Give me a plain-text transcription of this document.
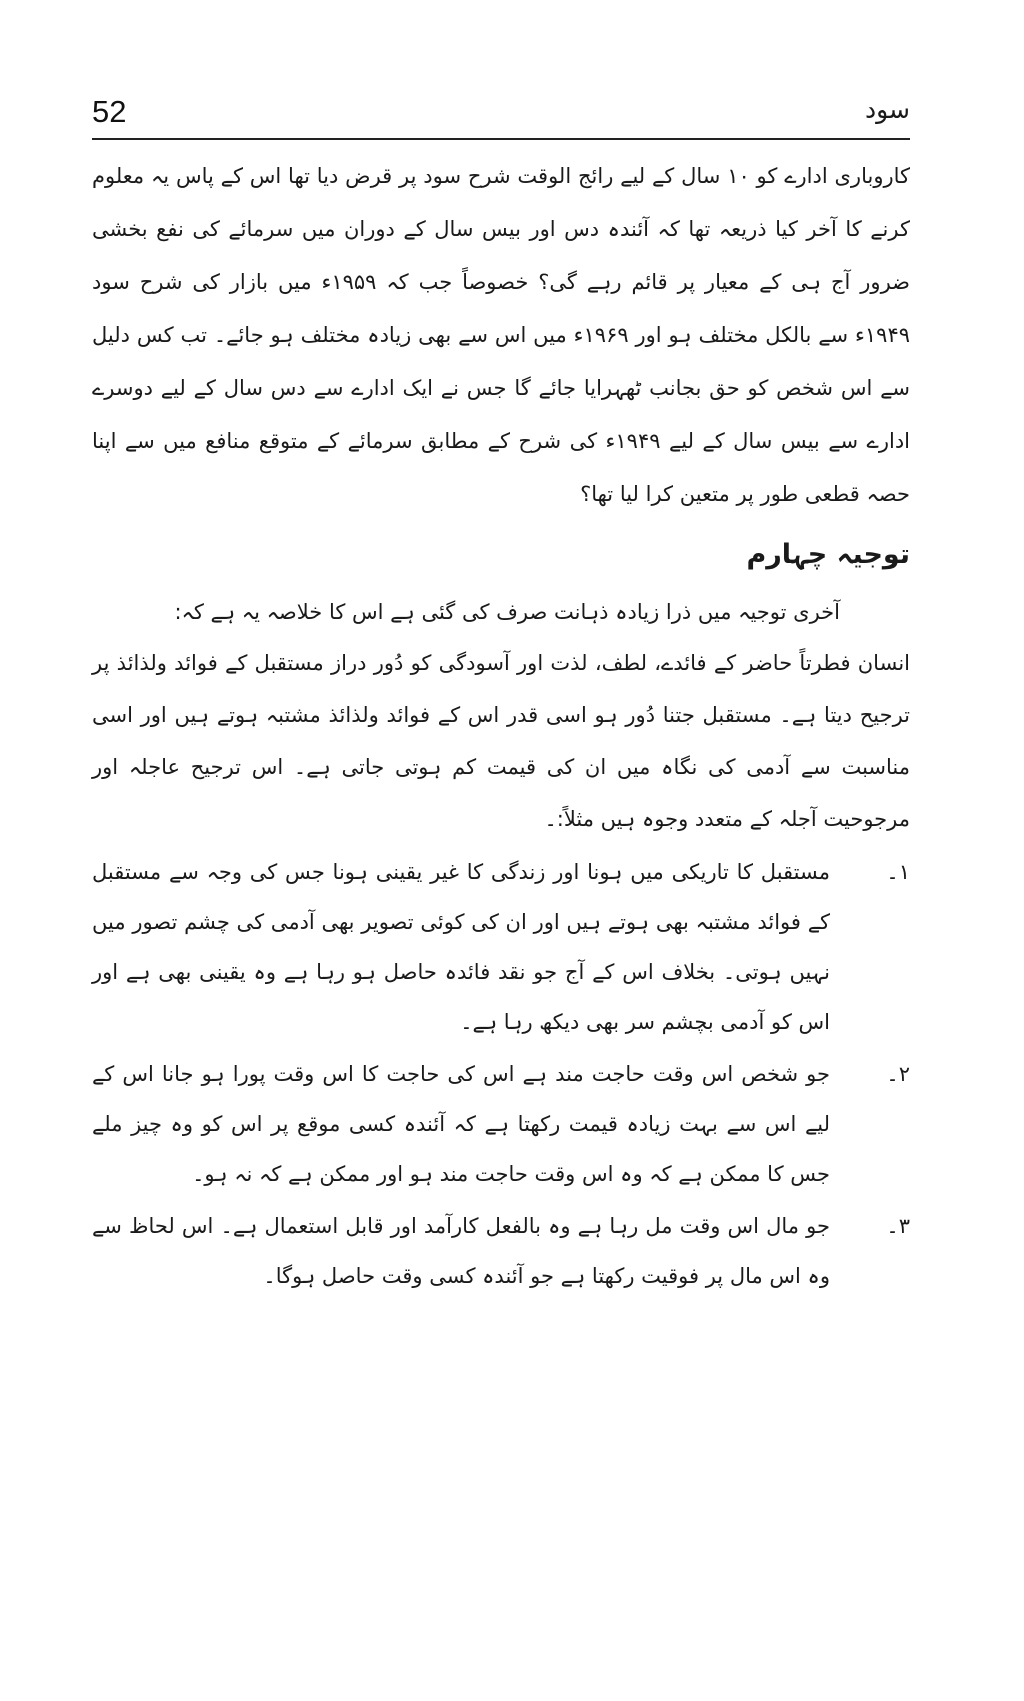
52	سود

کاروباری ادارے کو ۱۰ سال کے لیے رائج الوقت شرح سود پر قرض دیا تھا اس کے پاس یہ معلوم کرنے کا آخر کیا ذریعہ تھا کہ آئندہ دس اور بیس سال کے دوران میں سرمائے کی نفع بخشی ضرور آج ہی کے معیار پر قائم رہے گی؟ خصوصاً جب کہ ۱۹۵۹ء میں بازار کی شرح سود ۱۹۴۹ء سے بالکل مختلف ہو اور ۱۹۶۹ء میں اس سے بھی زیادہ مختلف ہو جائے۔ تب کس دلیل سے اس شخص کو حق بجانب ٹھہرایا جائے گا جس نے ایک ادارے سے دس سال کے لیے دوسرے ادارے سے بیس سال کے لیے ۱۹۴۹ء کی شرح کے مطابق سرمائے کے متوقع منافع میں سے اپنا حصہ قطعی طور پر متعین کرا لیا تھا؟

توجیہ چہارم

آخری توجیہ میں ذرا زیادہ ذہانت صرف کی گئی ہے اس کا خلاصہ یہ ہے کہ:

انسان فطرتاً حاضر کے فائدے، لطف، لذت اور آسودگی کو دُور دراز مستقبل کے فوائد ولذائذ پر ترجیح دیتا ہے۔ مستقبل جتنا دُور ہو اسی قدر اس کے فوائد ولذائذ مشتبہ ہوتے ہیں اور اسی مناسبت سے آدمی کی نگاہ میں ان کی قیمت کم ہوتی جاتی ہے۔ اس ترجیح عاجلہ اور مرجوحیت آجلہ کے متعدد وجوہ ہیں مثلاً:۔

۱۔
مستقبل کا تاریکی میں ہونا اور زندگی کا غیر یقینی ہونا جس کی وجہ سے مستقبل کے فوائد مشتبہ بھی ہوتے ہیں اور ان کی کوئی تصویر بھی آدمی کی چشم تصور میں نہیں ہوتی۔ بخلاف اس کے آج جو نقد فائدہ حاصل ہو رہا ہے وہ یقینی بھی ہے اور اس کو آدمی بچشم سر بھی دیکھ رہا ہے۔
۲۔
جو شخص اس وقت حاجت مند ہے اس کی حاجت کا اس وقت پورا ہو جانا اس کے لیے اس سے بہت زیادہ قیمت رکھتا ہے کہ آئندہ کسی موقع پر اس کو وہ چیز ملے جس کا ممکن ہے کہ وہ اس وقت حاجت مند ہو اور ممکن ہے کہ نہ ہو۔
۳۔
جو مال اس وقت مل رہا ہے وہ بالفعل کارآمد اور قابل استعمال ہے۔ اس لحاظ سے وہ اس مال پر فوقیت رکھتا ہے جو آئندہ کسی وقت حاصل ہوگا۔
